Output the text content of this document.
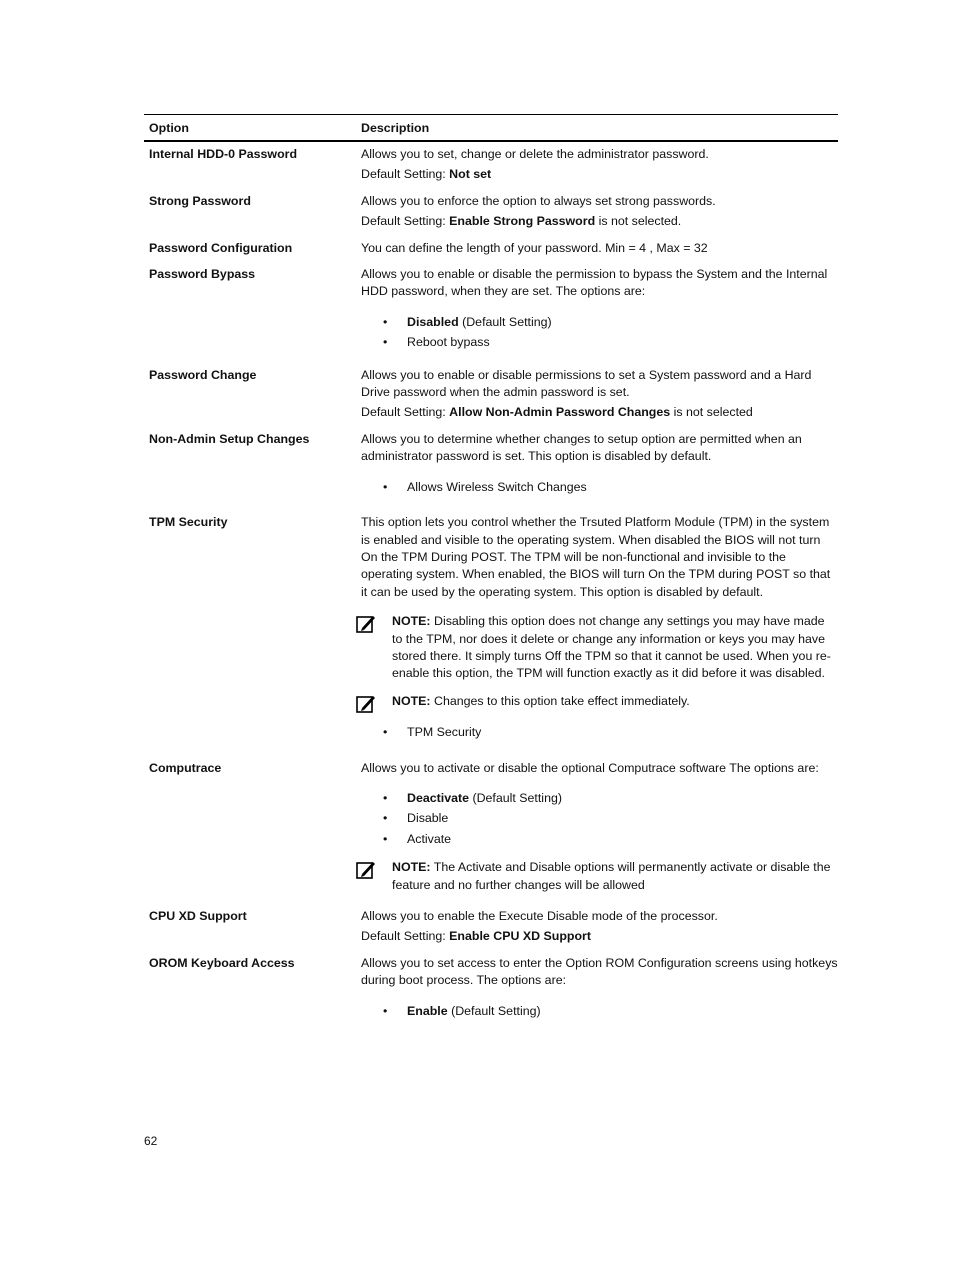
Option	Description
Internal HDD-0 Password	Allows you to set, change or delete the administrator password.

Default Setting: Not set

Strong Password	Allows you to enforce the option to always set strong passwords.

Default Setting: Enable Strong Password is not selected.

Password Configuration	You can define the length of your password. Min = 4 , Max = 32

Password Bypass	Allows you to enable or disable the permission to bypass the System and the Internal HDD password, when they are set. The options are:

• Disabled (Default Setting)
• Reboot bypass
Password Change	Allows you to enable or disable permissions to set a System password and a Hard Drive password when the admin password is set.

Default Setting: Allow Non-Admin Password Changes is not selected

Non-Admin Setup Changes	Allows you to determine whether changes to setup option are permitted when an administrator password is set. This option is disabled by default.

• Allows Wireless Switch Changes
TPM Security	This option lets you control whether the Trsuted Platform Module (TPM) in the system is enabled and visible to the operating system. When disabled the BIOS will not turn On the TPM During POST. The TPM will be non-functional and invisible to the operating system. When enabled, the BIOS will turn On the TPM during POST so that it can be used by the operating system. This option is disabled by default.

NOTE: Disabling this option does not change any settings you may have made to the TPM, nor does it delete or change any information or keys you may have stored there. It simply turns Off the TPM so that it cannot be used. When you re-enable this option, the TPM will function exactly as it did before it was disabled.
NOTE: Changes to this option take effect immediately.
• TPM Security
Computrace	Allows you to activate or disable the optional Computrace software The options are:

• Deactivate (Default Setting)
• Disable
• Activate
NOTE: The Activate and Disable options will permanently activate or disable the feature and no further changes will be allowed
CPU XD Support	Allows you to enable the Execute Disable mode of the processor.

Default Setting: Enable CPU XD Support

OROM Keyboard Access	Allows you to set access to enter the Option ROM Configuration screens using hotkeys during boot process. The options are:

• Enable (Default Setting)
62
